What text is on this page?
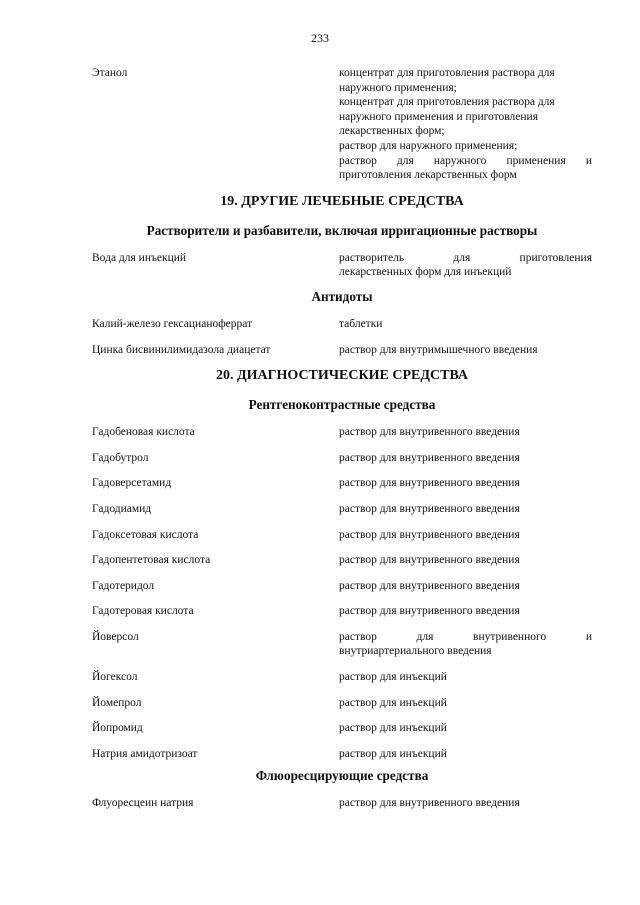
233
Этанол	концентрат для приготовления раствора для
наружного применения;
концентрат для приготовления раствора для
наружного применения и приготовления
лекарственных форм;
раствор для наружного применения;
раствор для наружного применения и
приготовления лекарственных форм
19. ДРУГИЕ ЛЕЧЕБНЫЕ СРЕДСТВА
Растворители и разбавители, включая ирригационные растворы
Вода для инъекций	растворитель для приготовления
лекарственных форм для инъекций
Антидоты
Калий-железо гексацианоферрат	таблетки
Цинка бисвинилимидазола диацетат	раствор для внутримышечного введения
20. ДИАГНОСТИЧЕСКИЕ СРЕДСТВА
Рентгеноконтрастные средства
Гадобеновая кислота	раствор для внутривенного введения
Гадобутрол	раствор для внутривенного введения
Гадоверсетамид	раствор для внутривенного введения
Гадодиамид	раствор для внутривенного введения
Гадоксетовая кислота	раствор для внутривенного введения
Гадопентетовая кислота	раствор для внутривенного введения
Гадотеридол	раствор для внутривенного введения
Гадотеровая кислота	раствор для внутривенного введения
Йоверсол	раствор для внутривенного и
внутриартериального введения
Йогексол	раствор для инъекций
Йомепрол	раствор для инъекций
Йопромид	раствор для инъекций
Натрия амидотризоат	раствор для инъекций
Флюоресцирующие средства
Флуоресцеин натрия	раствор для внутривенного введения
